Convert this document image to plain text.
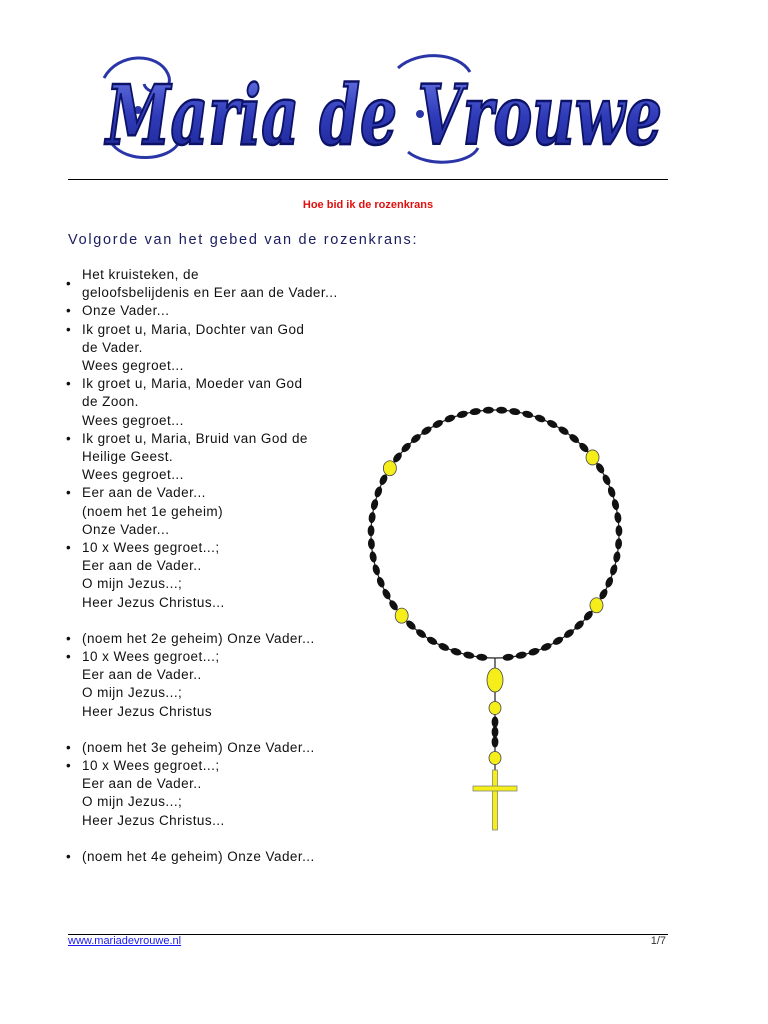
Maria de Vrouwe
Hoe bid ik de rozenkrans
Volgorde van het gebed van de rozenkrans:
•
Het kruisteken, de
geloofsbelijdenis en Eer aan de Vader...
• Onze Vader...
• Ik groet u, Maria, Dochter van God
de Vader.
Wees gegroet...
• Ik groet u, Maria, Moeder van God
de Zoon.
Wees gegroet...
• Ik groet u, Maria, Bruid van God de
Heilige Geest.
Wees gegroet...
• Eer aan de Vader...
(noem het 1e geheim)
Onze Vader...
• 10 x Wees gegroet...;
Eer aan de Vader..
O mijn Jezus...;
Heer Jezus Christus...
• (noem het 2e geheim) Onze Vader...
• 10 x Wees gegroet...;
Eer aan de Vader..
O mijn Jezus...;
Heer Jezus Christus
• (noem het 3e geheim) Onze Vader...
• 10 x Wees gegroet...;
Eer aan de Vader..
O mijn Jezus...;
Heer Jezus Christus...
• (noem het 4e geheim) Onze Vader...
www.mariadevrouwe.nl	1/7
